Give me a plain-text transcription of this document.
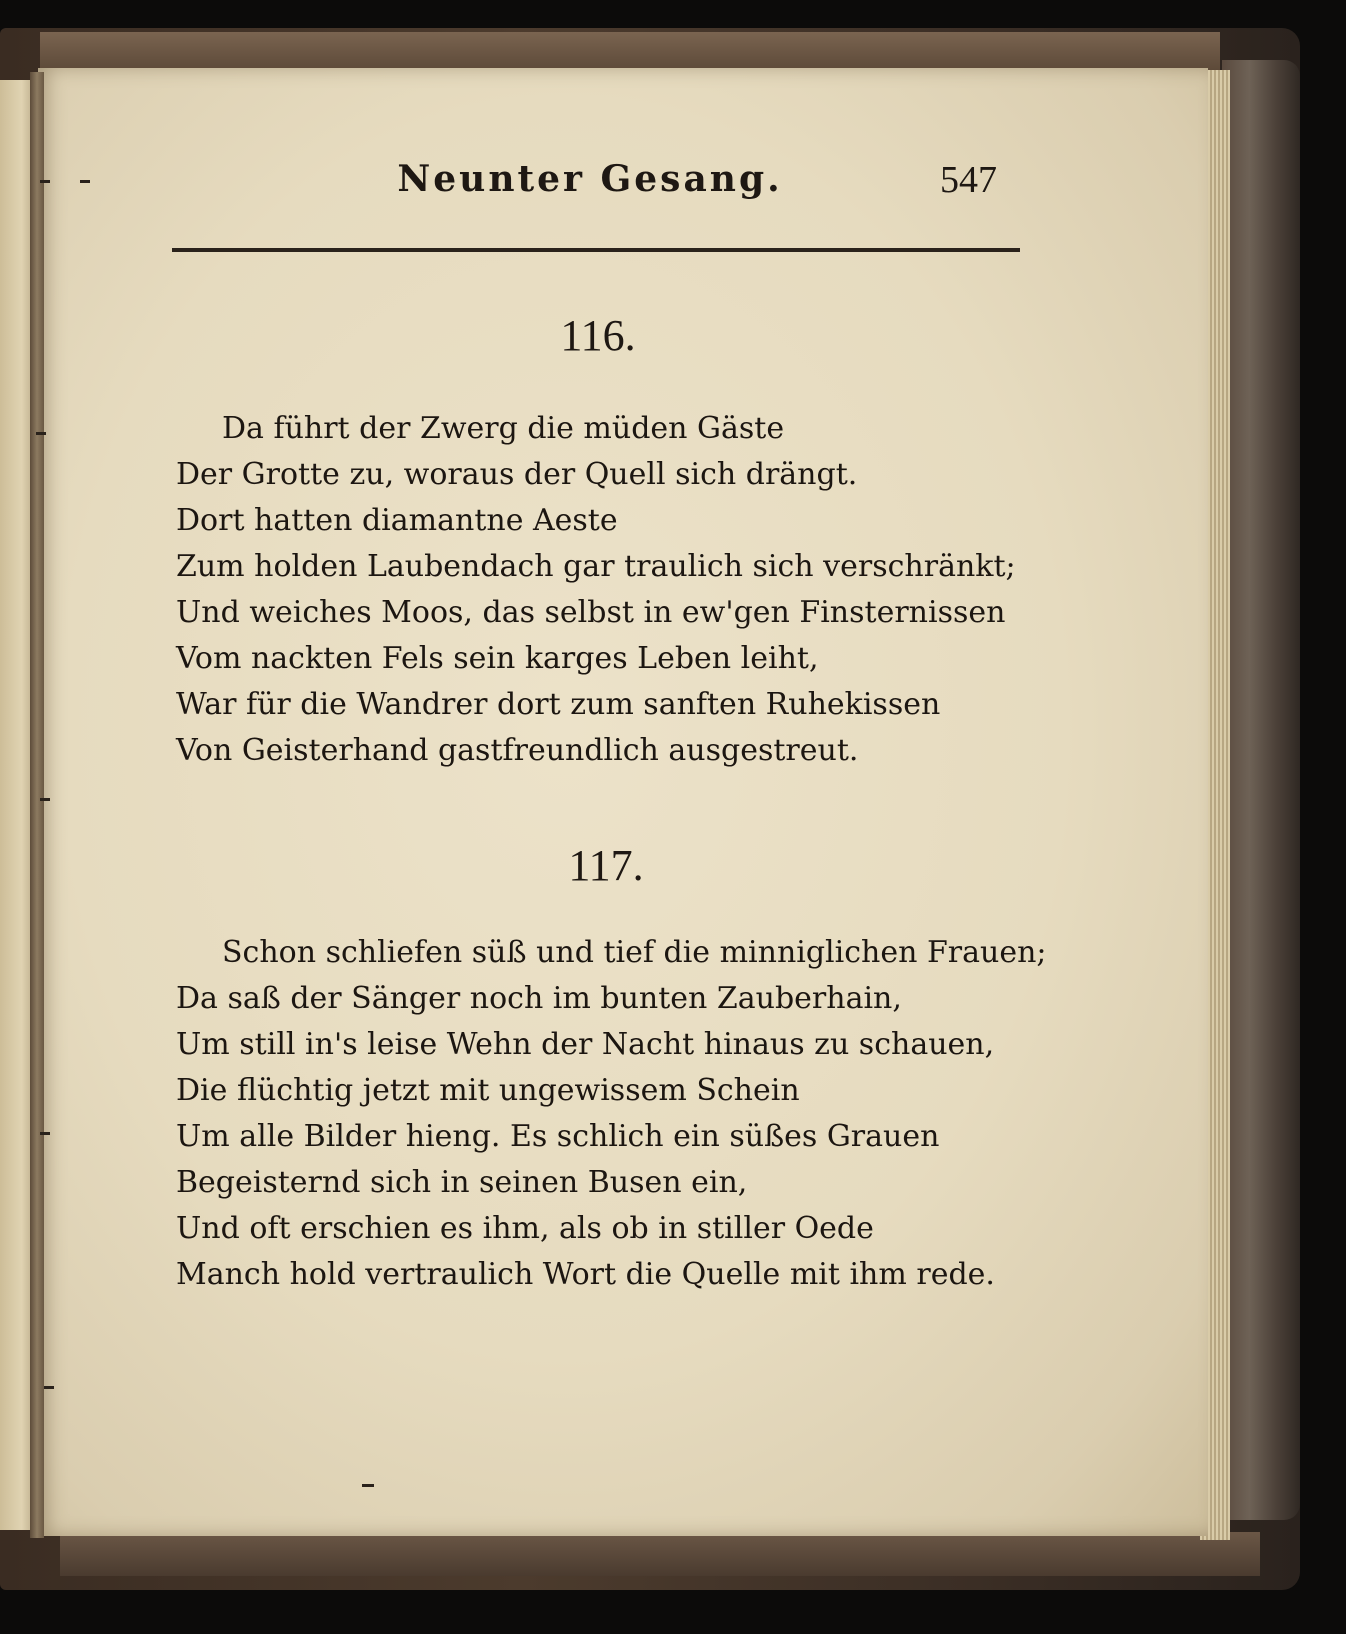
Neunter Gesang.	547
116.
Da führt der Zwerg die müden Gäste
Der Grotte zu, woraus der Quell sich drängt.
Dort hatten diamantne Aeste
Zum holden Laubendach gar traulich sich verschränkt;
Und weiches Moos, das selbst in ew'gen Finsternissen
Vom nackten Fels sein karges Leben leiht,
War für die Wandrer dort zum sanften Ruhekissen
Von Geisterhand gastfreundlich ausgestreut.
117.
Schon schliefen süß und tief die minniglichen Frauen;
Da saß der Sänger noch im bunten Zauberhain,
Um still in's leise Wehn der Nacht hinaus zu schauen,
Die flüchtig jetzt mit ungewissem Schein
Um alle Bilder hieng. Es schlich ein süßes Grauen
Begeisternd sich in seinen Busen ein,
Und oft erschien es ihm, als ob in stiller Oede
Manch hold vertraulich Wort die Quelle mit ihm rede.
